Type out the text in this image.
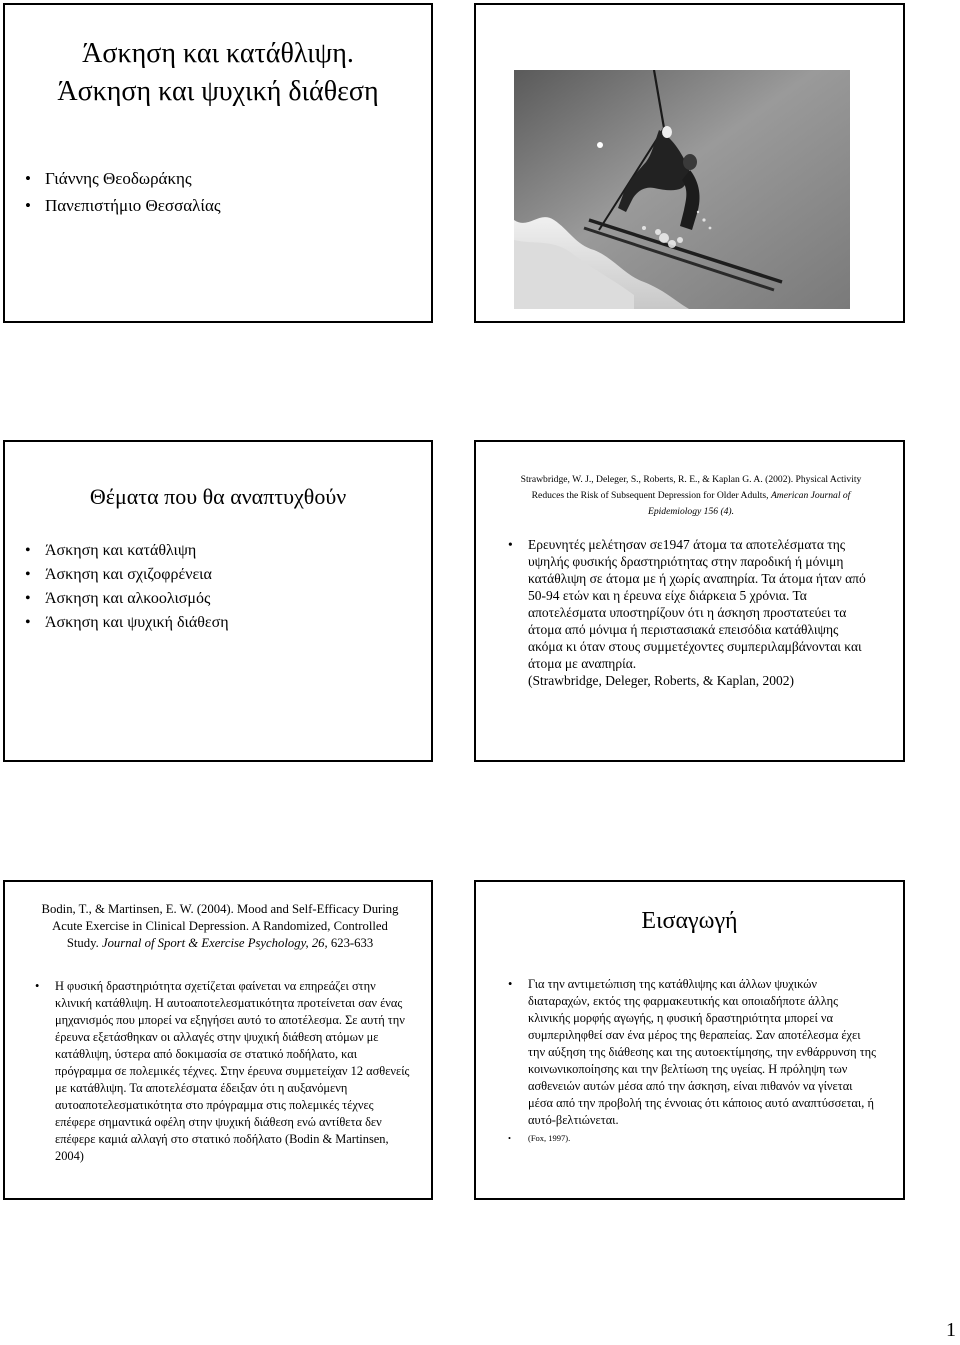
Άσκηση και κατάθλιψη.
Άσκηση και ψυχική διάθεση
• Γιάννης Θεοδωράκης
• Πανεπιστήμιο Θεσσαλίας
Θέματα που θα αναπτυχθούν
• Άσκηση και κατάθλιψη
• Άσκηση και σχιζοφρένεια
• Άσκηση και αλκοολισμός
• Άσκηση και ψυχική διάθεση

Strawbridge, W. J., Deleger, S., Roberts, R. E., & Kaplan G. A. (2002). Physical Activity Reduces the Risk of Subsequent Depression for Older Adults, American Journal of Epidemiology 156 (4).

• Ερευνητές μελέτησαν σε1947 άτομα τα αποτελέσματα της υψηλής φυσικής δραστηριότητας στην παροδική ή μόνιμη κατάθλιψη σε άτομα με ή χωρίς αναπηρία. Τα άτομα ήταν από 50-94 ετών και η έρευνα είχε διάρκεια 5 χρόνια. Τα αποτελέσματα υποστηρίζουν ότι η άσκηση προστατεύει τα άτομα από μόνιμα ή περιστασιακά επεισόδια κατάθλιψης ακόμα κι όταν στους συμμετέχοντες συμπεριλαμβάνονται και άτομα με αναπηρία.
(Strawbridge, Deleger, Roberts, & Kaplan, 2002)

Bodin, T., & Martinsen, E. W. (2004). Mood and Self-Efficacy During Acute Exercise in Clinical Depression. A Randomized, Controlled Study. Journal of Sport & Exercise Psychology, 26, 623-633

• Η φυσική δραστηριότητα σχετίζεται φαίνεται να επηρεάζει στην κλινική κατάθλιψη. Η αυτοαποτελεσματικότητα προτείνεται σαν ένας μηχανισμός που μπορεί να εξηγήσει αυτό το αποτέλεσμα. Σε αυτή την έρευνα εξετάσθηκαν οι αλλαγές στην ψυχική διάθεση ατόμων με κατάθλιψη, ύστερα από δοκιμασία σε στατικό ποδήλατο, και πρόγραμμα σε πολεμικές τέχνες. Στην έρευνα συμμετείχαν 12 ασθενείς με κατάθλιψη. Τα αποτελέσματα έδειξαν ότι η αυξανόμενη αυτοαποτελεσματικότητα στο πρόγραμμα στις πολεμικές τέχνες επέφερε σημαντικά οφέλη στην ψυχική διάθεση ενώ αντίθετα δεν επέφερε καμιά αλλαγή στο στατικό ποδήλατο (Bodin & Martinsen, 2004)
Εισαγωγή
• Για την αντιμετώπιση της κατάθλιψης και άλλων ψυχικών διαταραχών, εκτός της φαρμακευτικής και οποιαδήποτε άλλης κλινικής μορφής αγωγής, η φυσική δραστηριότητα μπορεί να συμπεριληφθεί σαν ένα μέρος της θεραπείας. Σαν αποτέλεσμα έχει την αύξηση της διάθεσης και της αυτοεκτίμησης, την ενθάρρυνση της κοινωνικοποίησης και την βελτίωση της υγείας. Η πρόληψη των ασθενειών αυτών μέσα από την άσκηση, είναι πιθανόν να γίνεται μέσα από την προβολή της έννοιας ότι κάποιος αυτό αναπτύσσεται, ή αυτό-βελτιώνεται.
• (Fox, 1997).
1
